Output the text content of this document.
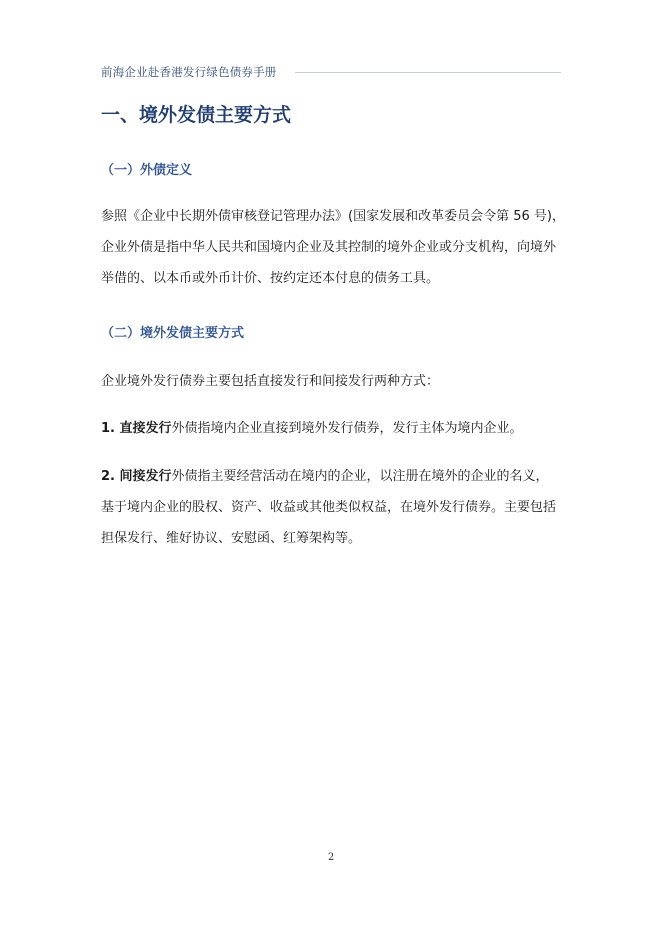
前海企业赴香港发行绿色债券手册
一、境外发债主要方式
（一）外债定义

参照《企业中长期外债审核登记管理办法》(国家发展和改革委员会令第 56 号)，

企业外债是指中华人民共和国境内企业及其控制的境外企业或分支机构，向境外

举借的、以本币或外币计价、按约定还本付息的债务工具。

（二）境外发债主要方式

企业境外发行债券主要包括直接发行和间接发行两种方式：

1. 直接发行外债指境内企业直接到境外发行债券，发行主体为境内企业。

2. 间接发行外债指主要经营活动在境内的企业，以注册在境外的企业的名义，

基于境内企业的股权、资产、收益或其他类似权益，在境外发行债券。主要包括

担保发行、维好协议、安慰函、红筹架构等。

2
